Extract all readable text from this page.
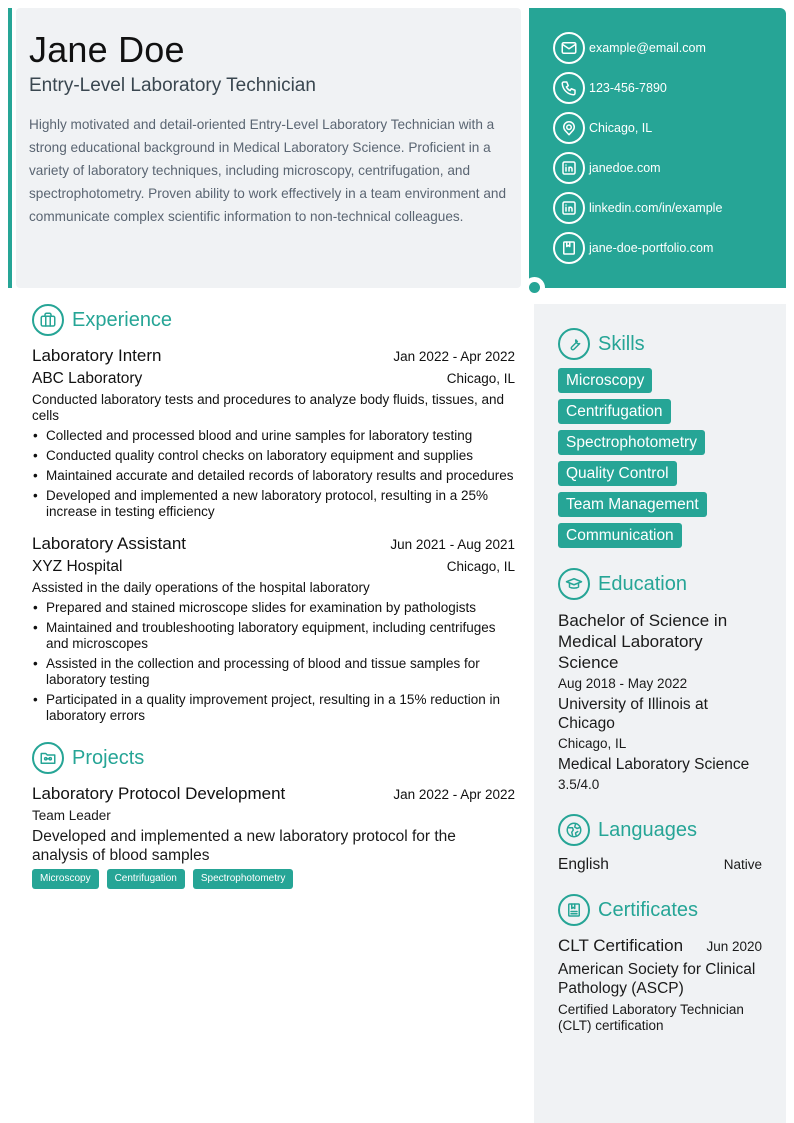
Jane Doe
Entry-Level Laboratory Technician
Highly motivated and detail-oriented Entry-Level Laboratory Technician with a strong educational background in Medical Laboratory Science. Proficient in a variety of laboratory techniques, including microscopy, centrifugation, and spectrophotometry. Proven ability to work effectively in a team environment and communicate complex scientific information to non-technical colleagues.
example@email.com
123-456-7890
Chicago, IL
janedoe.com
linkedin.com/in/example
jane-doe-portfolio.com
Experience
Laboratory Intern	Jan 2022 - Apr 2022
ABC Laboratory	Chicago, IL
Conducted laboratory tests and procedures to analyze body fluids, tissues, and cells
• Collected and processed blood and urine samples for laboratory testing
• Conducted quality control checks on laboratory equipment and supplies
• Maintained accurate and detailed records of laboratory results and procedures
• Developed and implemented a new laboratory protocol, resulting in a 25% increase in testing efficiency
Laboratory Assistant	Jun 2021 - Aug 2021
XYZ Hospital	Chicago, IL
Assisted in the daily operations of the hospital laboratory
• Prepared and stained microscope slides for examination by pathologists
• Maintained and troubleshooting laboratory equipment, including centrifuges and microscopes
• Assisted in the collection and processing of blood and tissue samples for laboratory testing
• Participated in a quality improvement project, resulting in a 15% reduction in laboratory errors
Projects
Laboratory Protocol Development	Jan 2022 - Apr 2022
Team Leader
Developed and implemented a new laboratory protocol for the analysis of blood samples
Microscopy	Centrifugation	Spectrophotometry
Skills
Microscopy
Centrifugation
Spectrophotometry
Quality Control
Team Management
Communication
Education
Bachelor of Science in Medical Laboratory Science
Aug 2018 - May 2022
University of Illinois at Chicago
Chicago, IL
Medical Laboratory Science
3.5/4.0
Languages
English	Native
Certificates
CLT Certification Jun 2020
American Society for Clinical Pathology (ASCP)
Certified Laboratory Technician (CLT) certification
